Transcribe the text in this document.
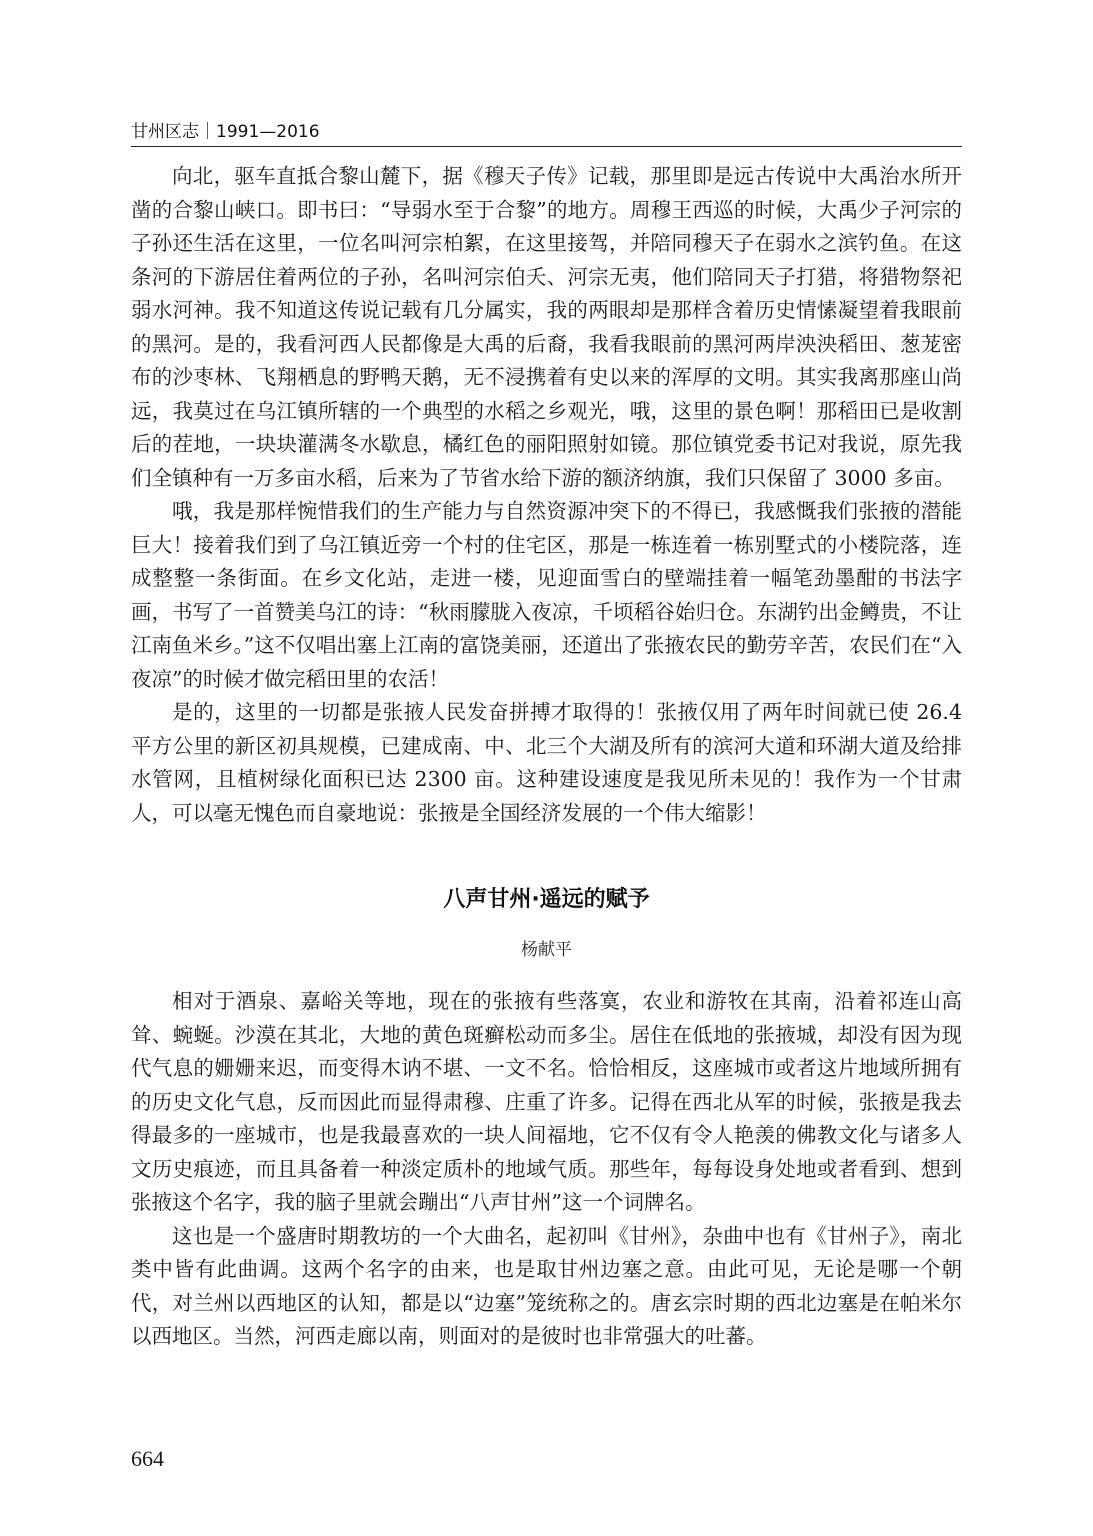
甘州区志｜1991—2016

向北，驱车直抵合黎山麓下，据《穆天子传》记载，那里即是远古传说中大禹治水所开凿的合黎山峡口。即书曰：“导弱水至于合黎”的地方。周穆王西巡的时候，大禹少子河宗的子孙还生活在这里，一位名叫河宗柏絮，在这里接驾，并陪同穆天子在弱水之滨钓鱼。在这条河的下游居住着两位的子孙，名叫河宗伯夭、河宗无夷，他们陪同天子打猎，将猎物祭祀弱水河神。我不知道这传说记载有几分属实，我的两眼却是那样含着历史情愫凝望着我眼前的黑河。是的，我看河西人民都像是大禹的后裔，我看我眼前的黑河两岸泱泱稻田、葱茏密布的沙枣林、飞翔栖息的野鸭天鹅，无不浸携着有史以来的浑厚的文明。其实我离那座山尚远，我莫过在乌江镇所辖的一个典型的水稻之乡观光，哦，这里的景色啊！那稻田已是收割后的茬地，一块块灌满冬水歇息，橘红色的丽阳照射如镜。那位镇党委书记对我说，原先我们全镇种有一万多亩水稻，后来为了节省水给下游的额济纳旗，我们只保留了 3000 多亩。

哦，我是那样惋惜我们的生产能力与自然资源冲突下的不得已，我感慨我们张掖的潜能巨大！接着我们到了乌江镇近旁一个村的住宅区，那是一栋连着一栋别墅式的小楼院落，连成整整一条街面。在乡文化站，走进一楼，见迎面雪白的壁端挂着一幅笔劲墨酣的书法字画，书写了一首赞美乌江的诗：“秋雨朦胧入夜凉，千顷稻谷始归仓。东湖钓出金鳟贵，不让江南鱼米乡。”这不仅唱出塞上江南的富饶美丽，还道出了张掖农民的勤劳辛苦，农民们在“入夜凉”的时候才做完稻田里的农活！

是的，这里的一切都是张掖人民发奋拼搏才取得的！张掖仅用了两年时间就已使 26.4 平方公里的新区初具规模，已建成南、中、北三个大湖及所有的滨河大道和环湖大道及给排水管网，且植树绿化面积已达 2300 亩。这种建设速度是我见所未见的！我作为一个甘肃人，可以毫无愧色而自豪地说：张掖是全国经济发展的一个伟大缩影！

八声甘州·遥远的赋予
杨献平

相对于酒泉、嘉峪关等地，现在的张掖有些落寞，农业和游牧在其南，沿着祁连山高耸、蜿蜒。沙漠在其北，大地的黄色斑癣松动而多尘。居住在低地的张掖城，却没有因为现代气息的姗姗来迟，而变得木讷不堪、一文不名。恰恰相反，这座城市或者这片地域所拥有的历史文化气息，反而因此而显得肃穆、庄重了许多。记得在西北从军的时候，张掖是我去得最多的一座城市，也是我最喜欢的一块人间福地，它不仅有令人艳羡的佛教文化与诸多人文历史痕迹，而且具备着一种淡定质朴的地域气质。那些年，每每设身处地或者看到、想到张掖这个名字，我的脑子里就会蹦出“八声甘州”这一个词牌名。

这也是一个盛唐时期教坊的一个大曲名，起初叫《甘州》，杂曲中也有《甘州子》，南北类中皆有此曲调。这两个名字的由来，也是取甘州边塞之意。由此可见，无论是哪一个朝代，对兰州以西地区的认知，都是以“边塞”笼统称之的。唐玄宗时期的西北边塞是在帕米尔以西地区。当然，河西走廊以南，则面对的是彼时也非常强大的吐蕃。

664
